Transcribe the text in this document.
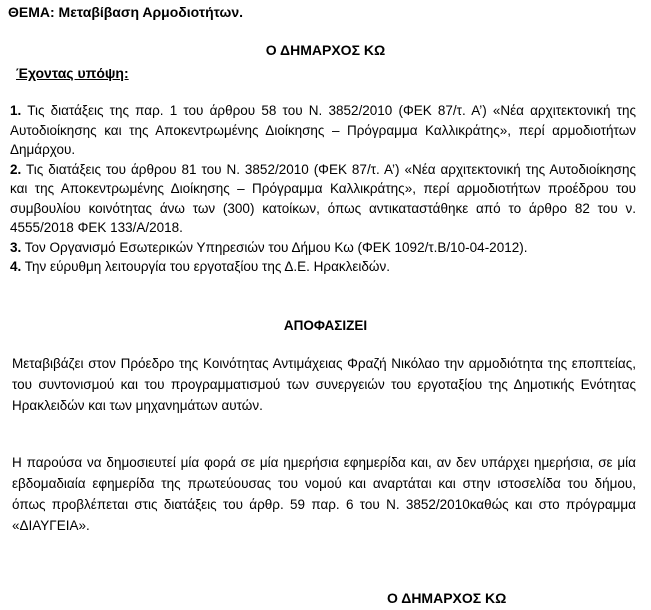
ΘΕΜΑ: Μεταβίβαση Αρμοδιοτήτων.
Ο ΔΗΜΑΡΧΟΣ ΚΩ
Έχοντας υπόψη:
1. Τις διατάξεις της παρ. 1 του άρθρου 58 του Ν. 3852/2010 (ΦΕΚ 87/τ. Α’) «Νέα αρχιτεκτονική της Αυτοδιοίκησης και της Αποκεντρωμένης Διοίκησης – Πρόγραμμα Καλλικράτης», περί αρμοδιοτήτων Δημάρχου.
2. Τις διατάξεις του άρθρου 81 του Ν. 3852/2010 (ΦΕΚ 87/τ. Α’) «Νέα αρχιτεκτονική της Αυτοδιοίκησης και της Αποκεντρωμένης Διοίκησης – Πρόγραμμα Καλλικράτης», περί αρμοδιοτήτων προέδρου του συμβουλίου κοινότητας άνω των (300) κατοίκων, όπως αντικαταστάθηκε από το άρθρο 82 του ν. 4555/2018 ΦΕΚ 133/Α/2018.
3. Τον Οργανισμό Εσωτερικών Υπηρεσιών του Δήμου Κω (ΦΕΚ 1092/τ.Β/10-04-2012).
4. Την εύρυθμη λειτουργία του εργοταξίου της Δ.Ε. Ηρακλειδών.
ΑΠΟΦΑΣΙΖΕΙ
Μεταβιβάζει στον Πρόεδρο της Κοινότητας Αντιμάχειας Φραζή Νικόλαο την αρμοδιότητα της εποπτείας, του συντονισμού και του προγραμματισμού των συνεργειών του εργοταξίου της Δημοτικής Ενότητας Ηρακλειδών και των μηχανημάτων αυτών.
Η παρούσα να δημοσιευτεί μία φορά σε μία ημερήσια εφημερίδα και, αν δεν υπάρχει ημερήσια, σε μία εβδομαδιαία εφημερίδα της πρωτεύουσας του νομού και αναρτάται και στην ιστοσελίδα του δήμου, όπως προβλέπεται στις διατάξεις του άρθρ. 59 παρ. 6 του Ν. 3852/2010καθώς και στο πρόγραμμα «ΔΙΑΥΓΕΙΑ».
Ο ΔΗΜΑΡΧΟΣ ΚΩ
